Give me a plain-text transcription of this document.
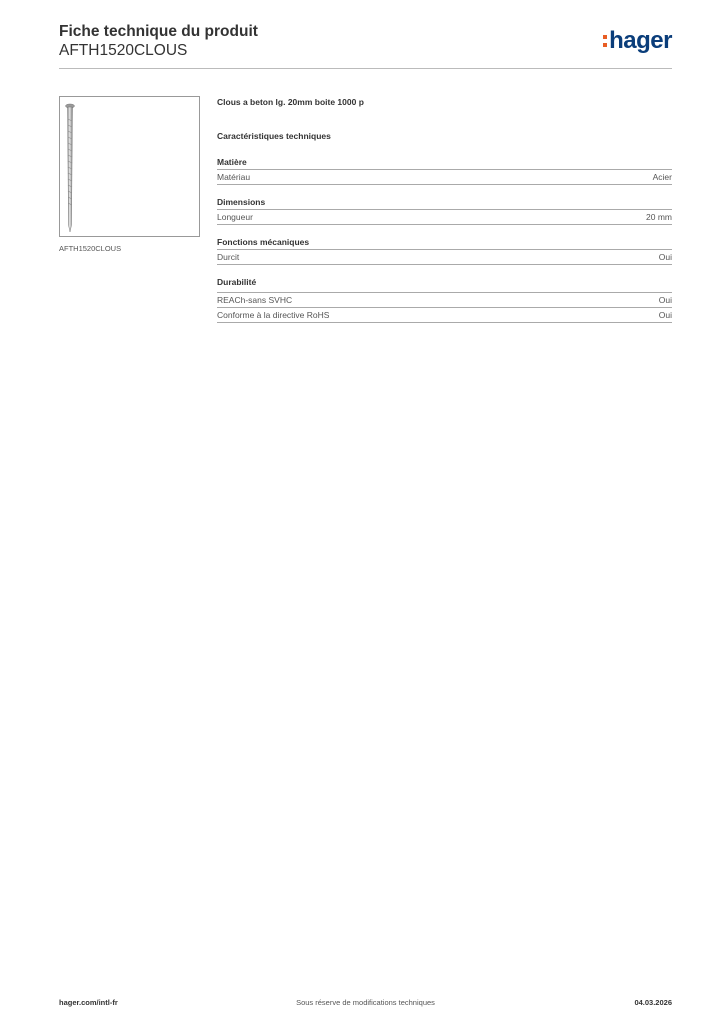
Fiche technique du produit
AFTH1520CLOUS	hager
AFTH1520CLOUS
Clous a beton lg. 20mm boite 1000 p
Caractéristiques techniques
Matière
Matériau	Acier
Dimensions
Longueur	20 mm
Fonctions mécaniques
Durcit	Oui
Durabilité
REACh-sans SVHC	Oui
Conforme à la directive RoHS	Oui
hager.com/intl-fr	Sous réserve de modifications techniques	04.03.2026
